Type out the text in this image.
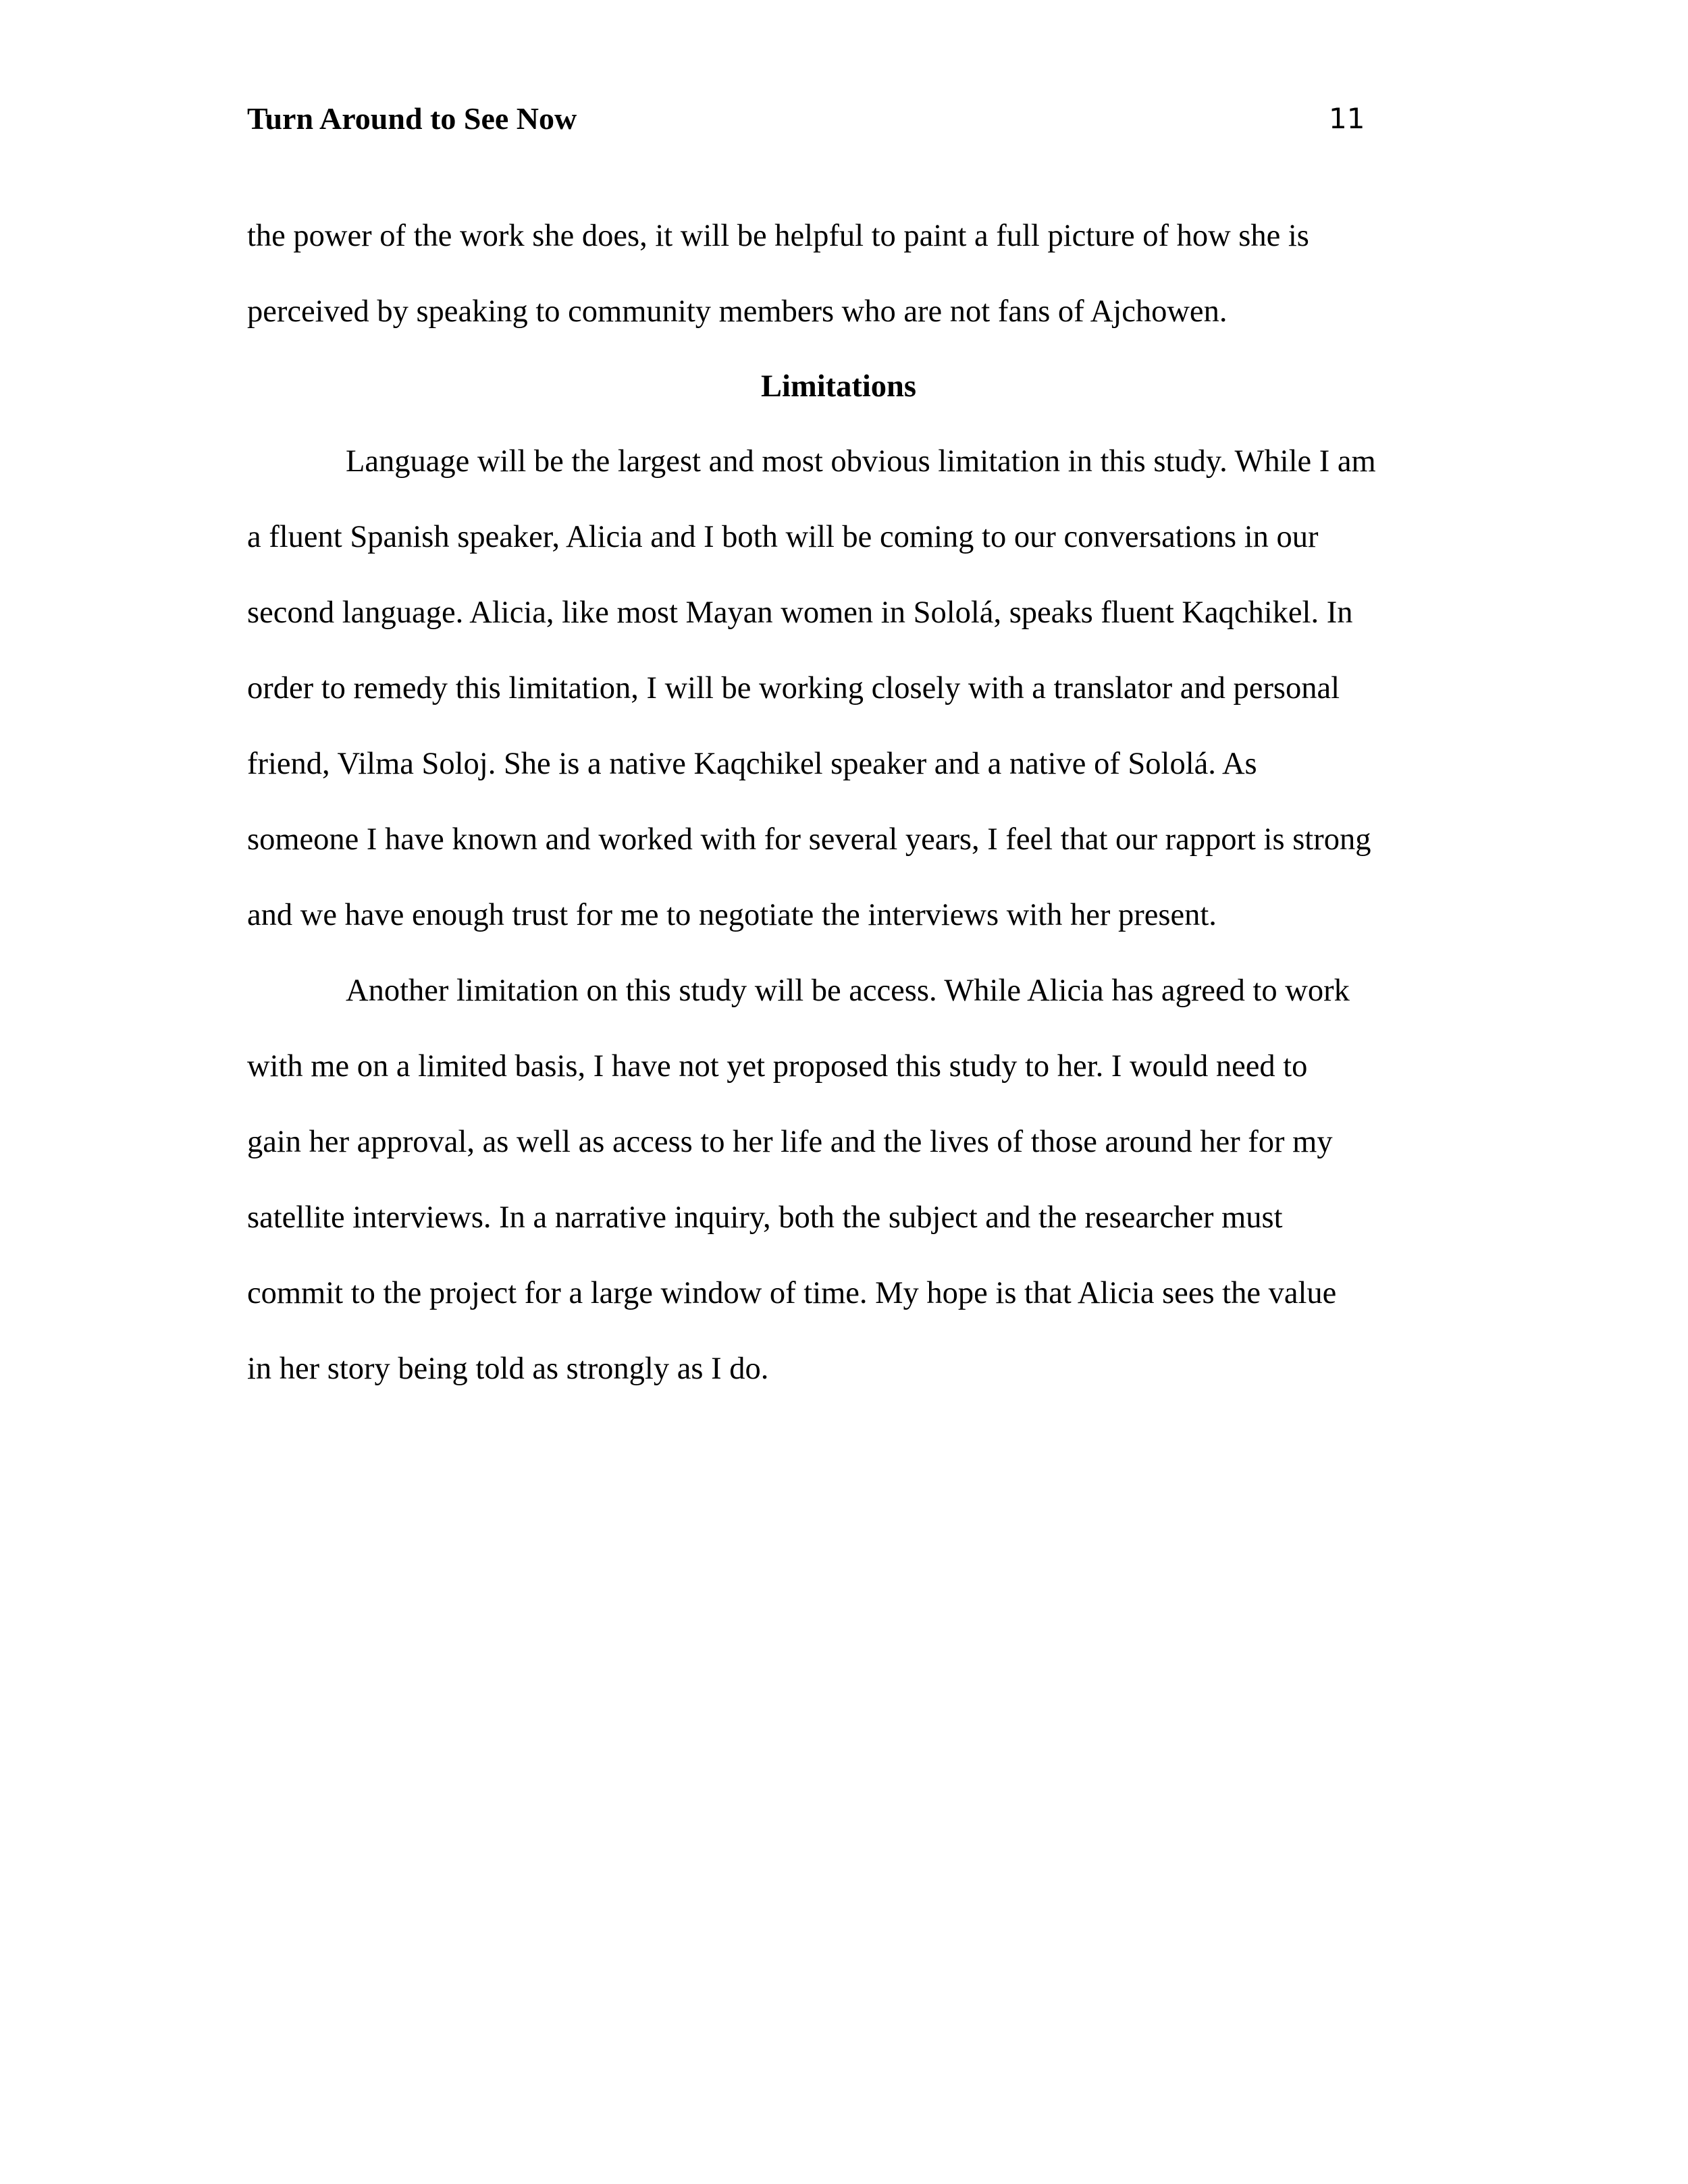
Turn Around to See Now	11
the power of the work she does, it will be helpful to paint a full picture of how she is
perceived by speaking to community members who are not fans of Ajchowen.
Limitations
Language will be the largest and most obvious limitation in this study. While I am
a fluent Spanish speaker, Alicia and I both will be coming to our conversations in our
second language. Alicia, like most Mayan women in Sololá, speaks fluent Kaqchikel. In
order to remedy this limitation, I will be working closely with a translator and personal
friend, Vilma Soloj. She is a native Kaqchikel speaker and a native of Sololá. As
someone I have known and worked with for several years, I feel that our rapport is strong
and we have enough trust for me to negotiate the interviews with her present.
Another limitation on this study will be access. While Alicia has agreed to work
with me on a limited basis, I have not yet proposed this study to her. I would need to
gain her approval, as well as access to her life and the lives of those around her for my
satellite interviews. In a narrative inquiry, both the subject and the researcher must
commit to the project for a large window of time. My hope is that Alicia sees the value
in her story being told as strongly as I do.
